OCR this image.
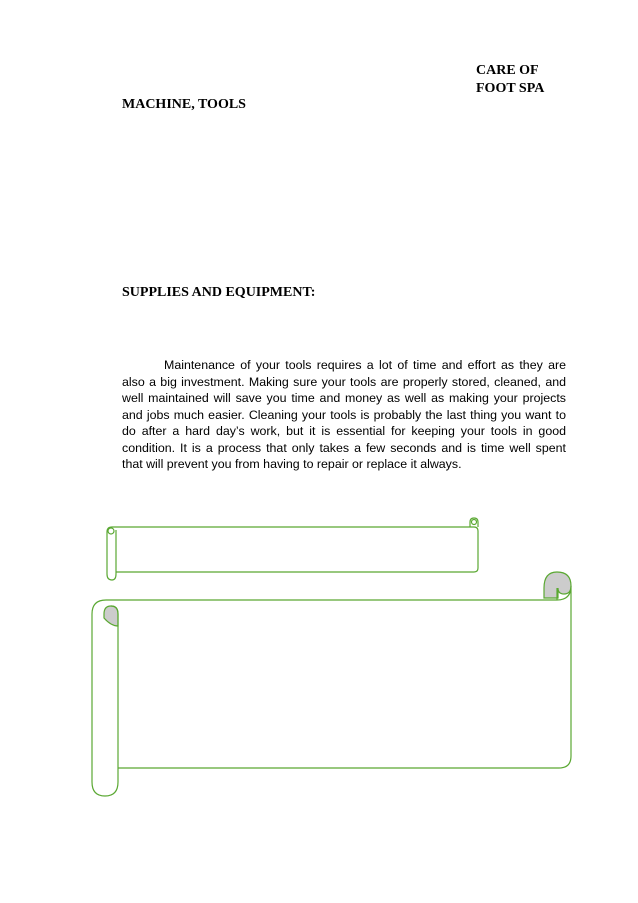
CARE OF
FOOT SPA
MACHINE, TOOLS
SUPPLIES AND EQUIPMENT:

Maintenance of your tools requires a lot of time and effort as they are also a big investment. Making sure your tools are properly stored, cleaned, and well maintained will save you time and money as well as making your projects and jobs much easier. Cleaning your tools is probably the last thing you want to do after a hard day’s work, but it is essential for keeping your tools in good condition. It is a process that only takes a few seconds and is time well spent that will prevent you from having to repair or replace it always.
